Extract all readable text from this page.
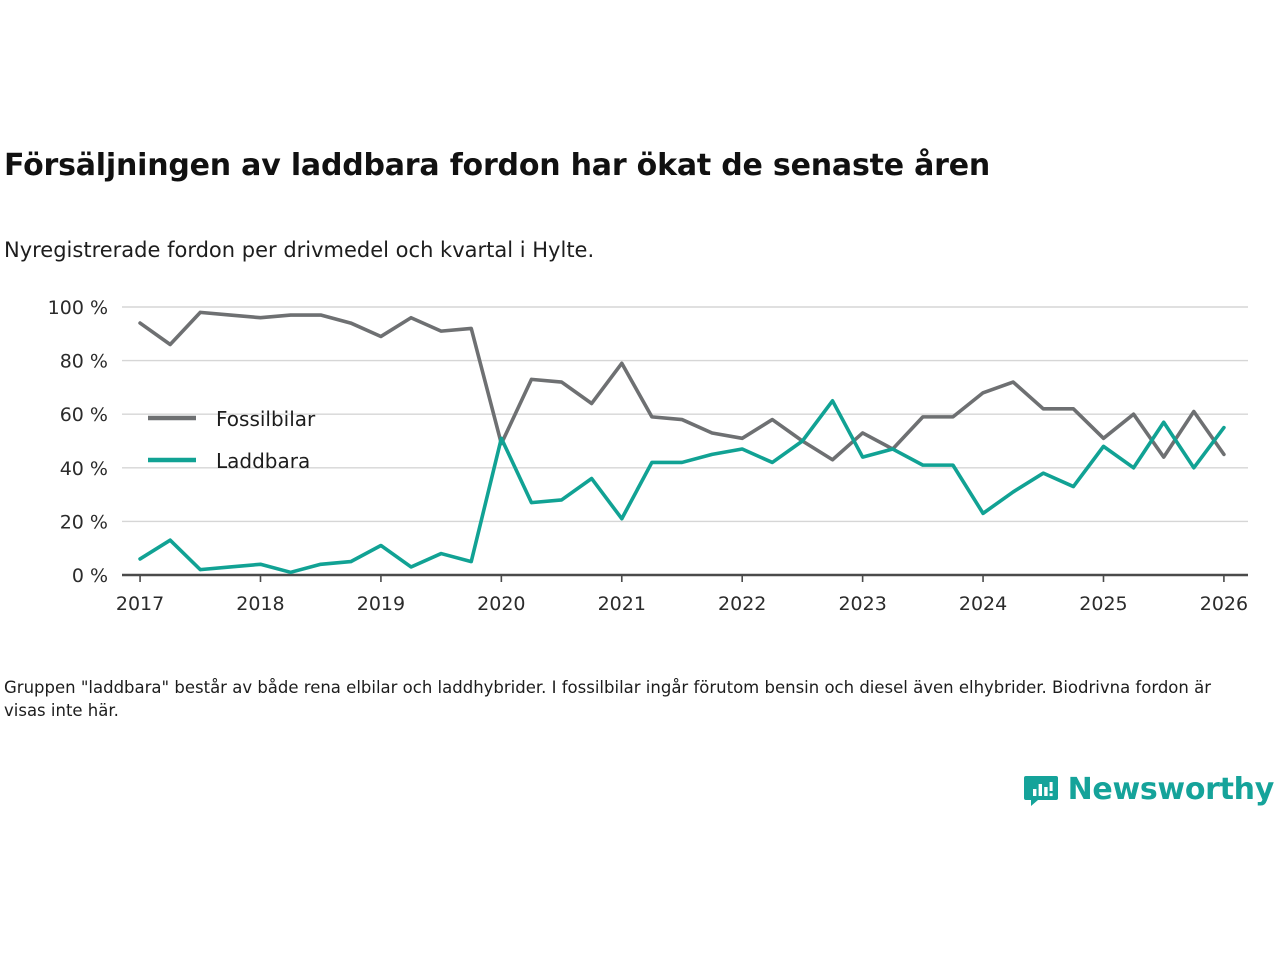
Försäljningen av laddbara fordon har ökat de senaste åren
Nyregistrerade fordon per drivmedel och kvartal i Hylte.
0 %
20 %
40 %
60 %
80 %
100 %
2017	2018	2019	2020	2021	2022	2023	2024	2025	2026
Fossilbilar
Laddbara
Gruppen "laddbara" består av både rena elbilar och laddhybrider. I fossilbilar ingår förutom bensin och diesel även elhybrider. Biodrivna fordon är visas inte här.
Newsworthy
